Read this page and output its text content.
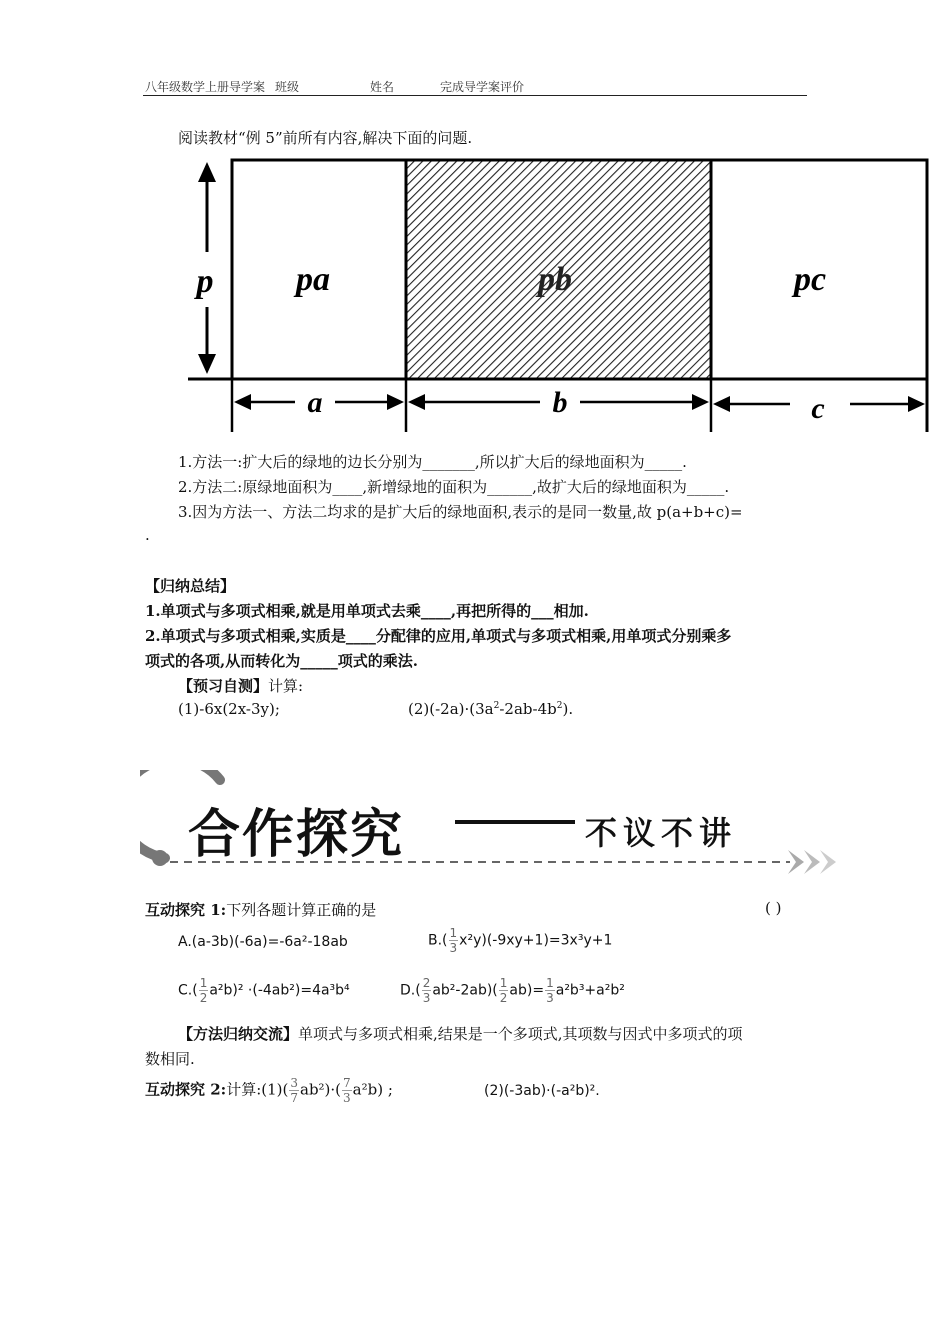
八年级数学上册导学案 班级	姓名	完成导学案评价
阅读教材“例 5”前所有内容,解决下面的问题.
p pa	pb	pc
a	b	c
1.方法一:扩大后的绿地的边长分别为_______,所以扩大后的绿地面积为_____.
2.方法二:原绿地面积为____,新增绿地的面积为______,故扩大后的绿地面积为_____.
3.因为方法一、方法二均求的是扩大后的绿地面积,表示的是同一数量,故 p(a+b+c)=
.
【归纳总结】
1.单项式与多项式相乘,就是用单项式去乘____,再把所得的___相加.
2.单项式与多项式相乘,实质是____分配律的应用,单项式与多项式相乘,用单项式分别乘多
项式的各项,从而转化为_____项式的乘法.
【预习自测】计算:
(1)-6x(2x-3y);	$(2)(-2a)\cdot(3a^2-2ab-4b^2)$.
合作探究	不议不讲
互动探究 1:下列各题计算正确的是	( )
A.(a-3b)(-6a)=-6a²-18ab	$B.( \frac{1}{3} x^2y)(-9xy+1)=3x^3y+1$
$C.( \frac{1}{2} a^2b)^2 \cdot(-4ab^2)=4a^3b^4$	$D.( \frac{2}{3} ab^2-2ab)( \frac{1}{2} ab)= \frac{1}{3} a^2b^3+a^2b^2$
【方法归纳交流】单项式与多项式相乘,结果是一个多项式,其项数与因式中多项式的项
数相同.
互动探究 2:计算:(1)( $\frac{3}{7} ab^2)\cdot( \frac{7}{3} a^2b)$ ;	(2)(-3ab)·(-a²b)².
